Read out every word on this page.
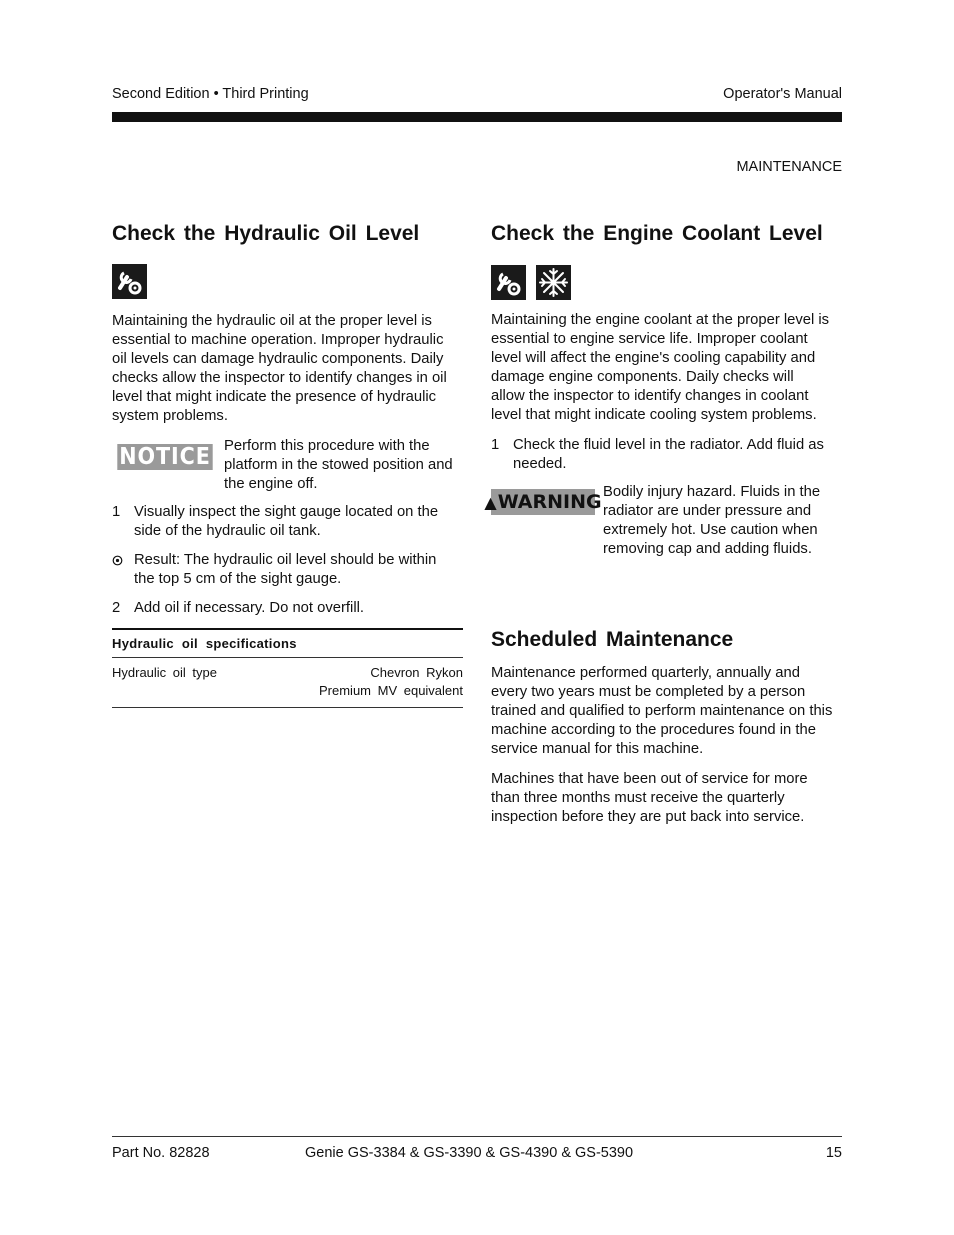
Second Edition • Third Printing	Operator's Manual
MAINTENANCE
Check the Hydraulic Oil Level
Maintaining the hydraulic oil at the proper level is
essential to machine operation. Improper hydraulic
oil levels can damage hydraulic components. Daily
checks allow the inspector to identify changes in oil
level that might indicate the presence of hydraulic
system problems.
NOTICE Perform this procedure with the
platform in the stowed position and
the engine off.
1 Visually inspect the sight gauge located on the
side of the hydraulic oil tank.
Result: The hydraulic oil level should be within
the top 5 cm of the sight gauge.
2 Add oil if necessary. Do not overfill.
Hydraulic oil specifications
Hydraulic oil type	Chevron Rykon
Premium MV equivalent
Check the Engine Coolant Level
Maintaining the engine coolant at the proper level is
essential to engine service life. Improper coolant
level will affect the engine's cooling capability and
damage engine components. Daily checks will
allow the inspector to identify changes in coolant
level that might indicate cooling system problems.
1 Check the fluid level in the radiator. Add fluid as
needed.
▲ WARNING Bodily injury hazard. Fluids in the
radiator are under pressure and
extremely hot. Use caution when
removing cap and adding fluids.
Scheduled Maintenance
Maintenance performed quarterly, annually and
every two years must be completed by a person
trained and qualified to perform maintenance on this
machine according to the procedures found in the
service manual for this machine.
Machines that have been out of service for more
than three months must receive the quarterly
inspection before they are put back into service.
Part No. 82828	Genie GS-3384 & GS-3390 & GS-4390 & GS-5390	15
